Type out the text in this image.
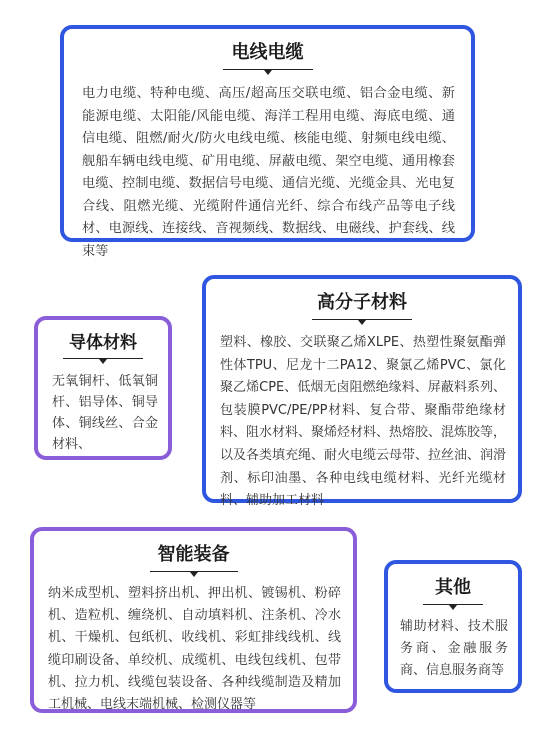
电线电缆
电力电缆、特种电缆、高压/超高压交联电缆、铝合金电缆、新能源电缆、太阳能/风能电缆、海洋工程用电缆、海底电缆、通信电缆、阻燃/耐火/防火电线电缆、核能电缆、射频电线电缆、舰船车辆电线电缆、矿用电缆、屏蔽电缆、架空电缆、通用橡套电缆、控制电缆、数据信号电缆、通信光缆、光缆金具、光电复合线、阻燃光缆、光缆附件通信光纤、综合布线产品等电子线材、电源线、连接线、音视频线、数据线、电磁线、护套线、线束等
高分子材料
塑料、橡胶、交联聚乙烯XLPE、热塑性聚氨酯弹性体TPU、尼龙十二PA12、聚氯乙烯PVC、氯化聚乙烯CPE、低烟无卤阻燃绝缘料、屏蔽料系列、包装膜PVC/PE/PP材料、复合带、聚酯带绝缘材料、阻水材料、聚烯烃材料、热熔胶、混炼胶等，以及各类填充绳、耐火电缆云母带、拉丝油、润滑剂、标印油墨、各种电线电缆材料、光纤光缆材料、辅助加工材料
导体材料
无氧铜杆、低氧铜杆、铝导体、铜导体、铜线丝、合金材料、
智能装备
纳米成型机、塑料挤出机、押出机、镀锡机、粉碎机、造粒机、缠绕机、自动填料机、注条机、冷水机、干燥机、包纸机、收线机、彩虹排线线机、线缆印刷设备、单绞机、成缆机、电线包线机、包带机、拉力机、线缆包装设备、各种线缆制造及精加工机械、电线末端机械、检测仪器等
其他
辅助材料、技术服务商、金融服务商、信息服务商等
